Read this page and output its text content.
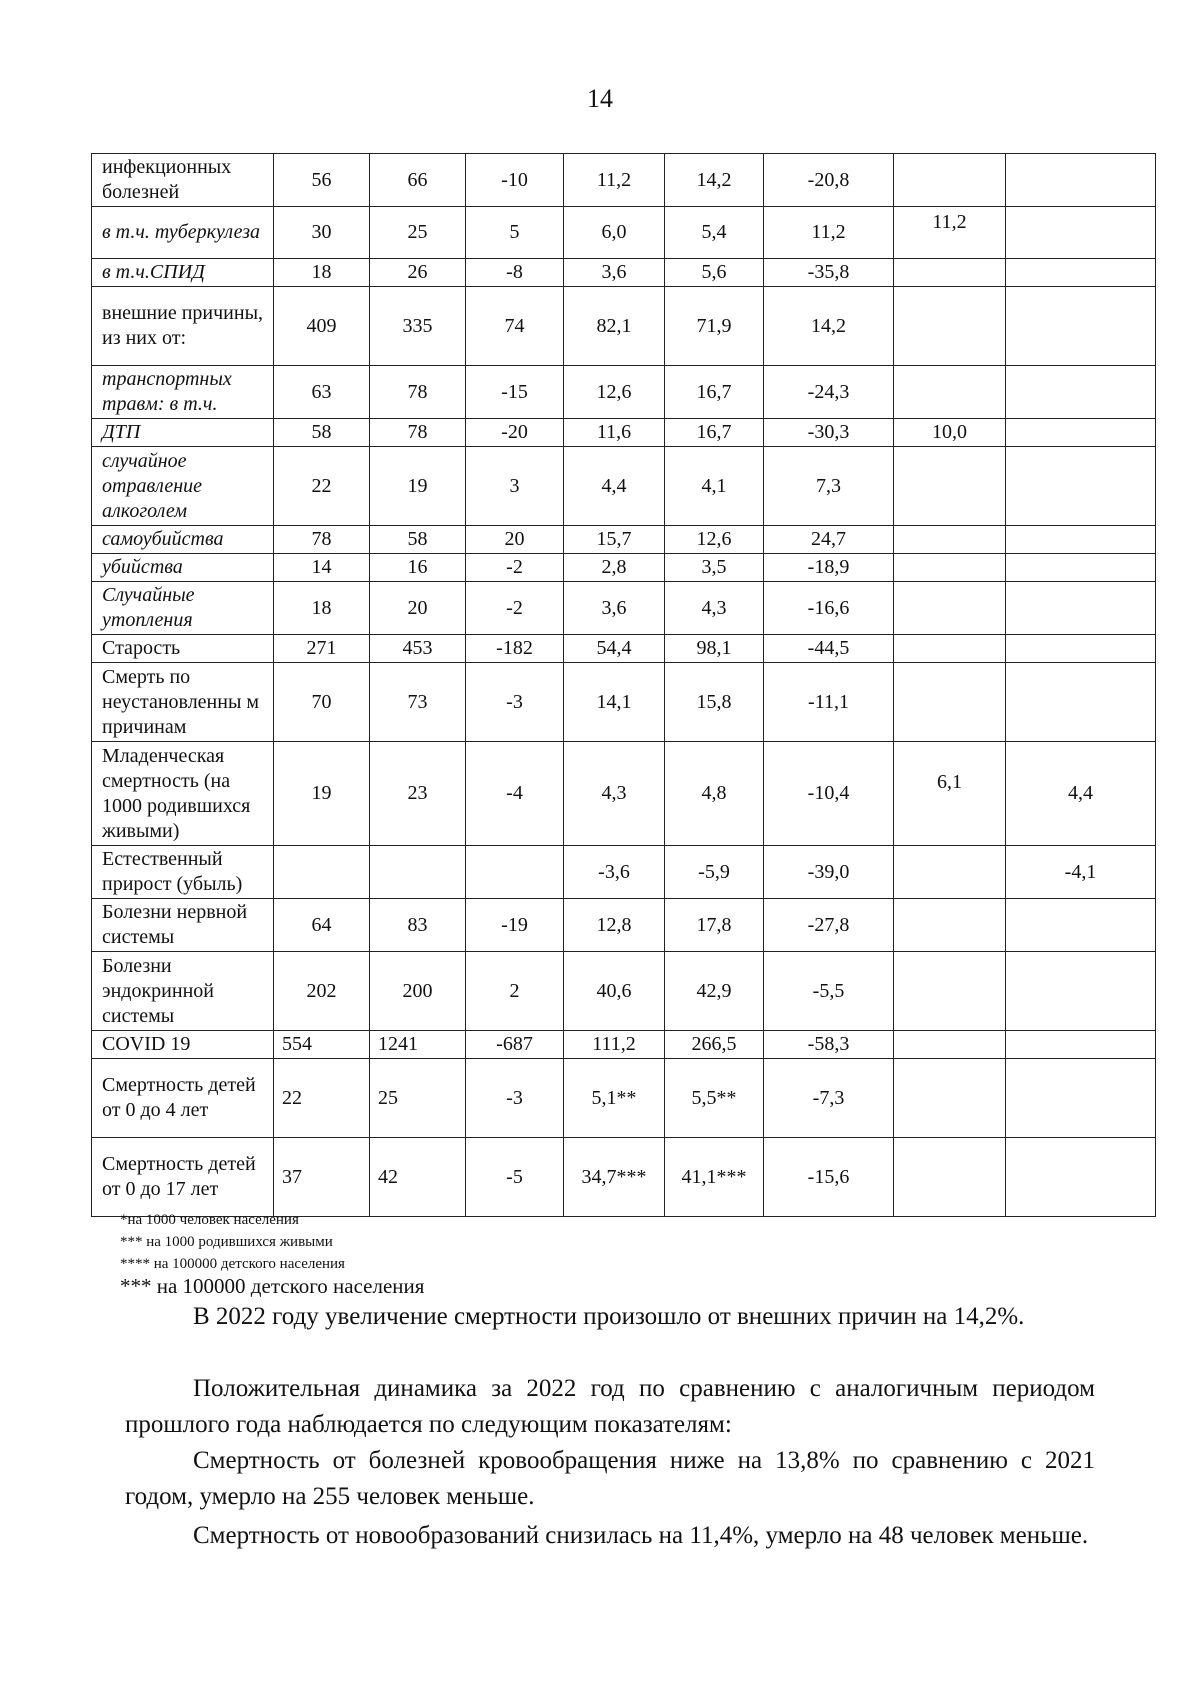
14
инфекционных болезней	56	66	-10	11,2	14,2	-20,8		
в т.ч. туберкулеза	30	25	5	6,0	5,4	11,2	11,2	
в т.ч.СПИД	18	26	-8	3,6	5,6	-35,8		
внешние причины, из них от:	409	335	74	82,1	71,9	14,2		
транспортных травм: в т.ч.	63	78	-15	12,6	16,7	-24,3		
ДТП	58	78	-20	11,6	16,7	-30,3	10,0	
случайное отравление алкоголем	22	19	3	4,4	4,1	7,3		
самоубийства	78	58	20	15,7	12,6	24,7		
убийства	14	16	-2	2,8	3,5	-18,9		
Случайные утопления	18	20	-2	3,6	4,3	-16,6		
Старость	271	453	-182	54,4	98,1	-44,5		
Смерть по неустановленны м причинам	70	73	-3	14,1	15,8	-11,1		
Младенческая смертность (на 1000 родившихся живыми)	19	23	-4	4,3	4,8	-10,4	6,1	4,4
Естественный прирост (убыль)				-3,6	-5,9	-39,0		-4,1
Болезни нервной системы	64	83	-19	12,8	17,8	-27,8		
Болезни эндокринной системы	202	200	2	40,6	42,9	-5,5		
COVID 19	554	1241	-687	111,2	266,5	-58,3		
Смертность детей от 0 до 4 лет	22	25	-3	5,1**	5,5**	-7,3		
Смертность детей от 0 до 17 лет	37	42	-5	34,7***	41,1***	-15,6		
*на 1000 человек населения
*** на 1000 родившихся живыми
**** на 100000 детского населения
*** на 100000 детского населения
В 2022 году увеличение смертности произошло от внешних причин на 14,2%.
Положительная динамика за 2022 год по сравнению с аналогичным периодом прошлого года наблюдается по следующим показателям:
Смертность от болезней кровообращения ниже на 13,8% по сравнению с 2021 годом, умерло на 255 человек меньше.
Смертность от новообразований снизилась на 11,4%, умерло на 48 человек меньше.
